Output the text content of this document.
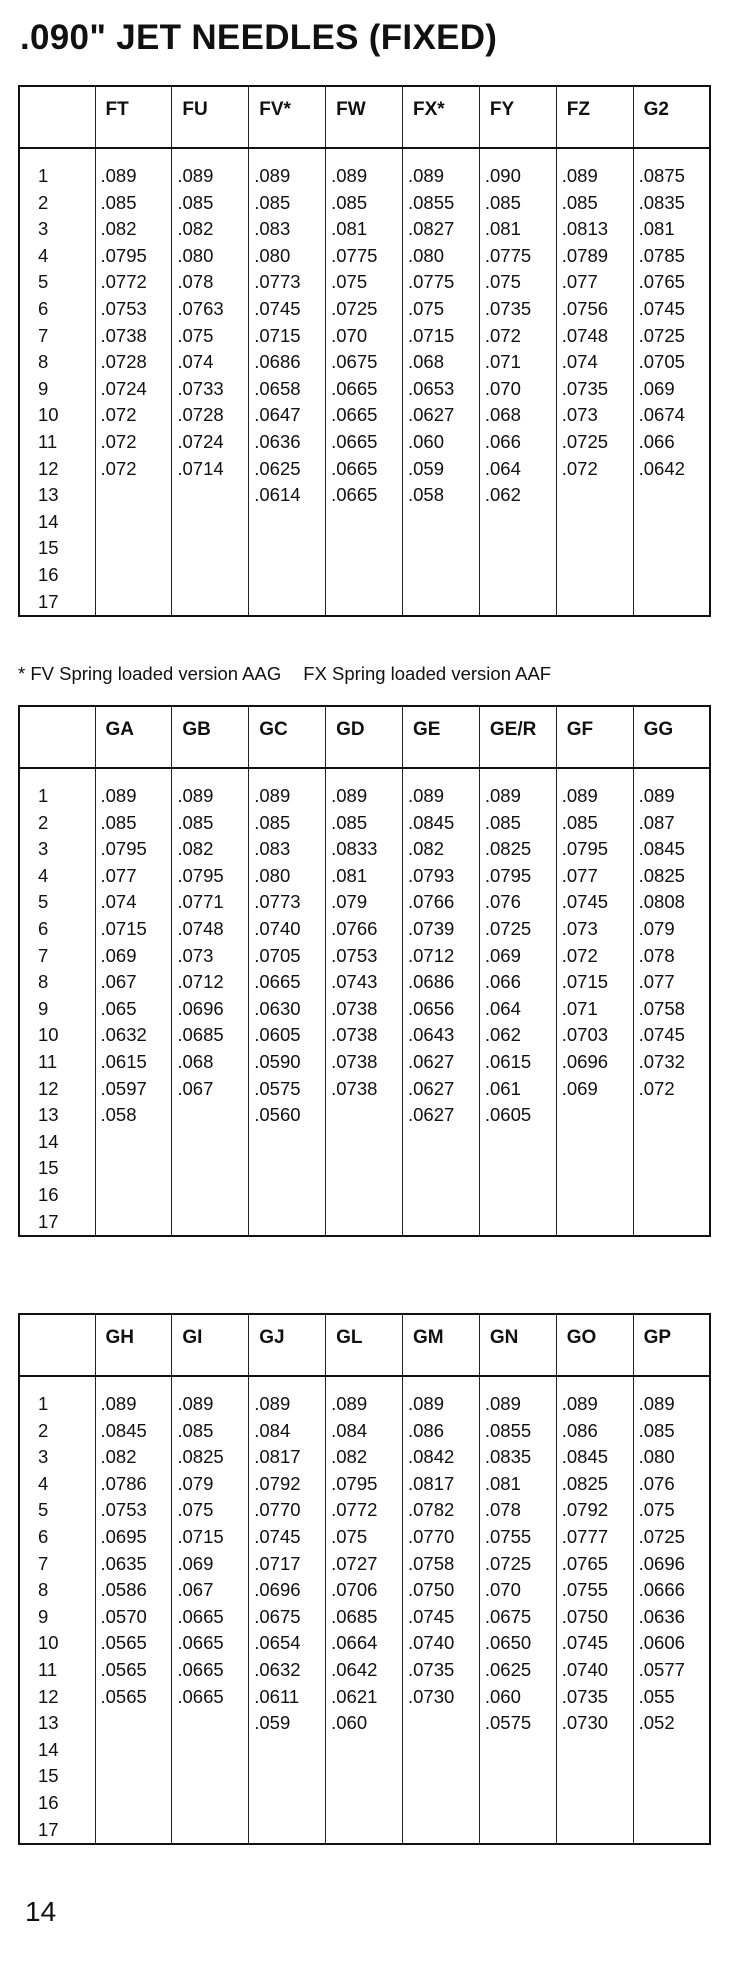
.090" JET NEEDLES (FIXED)
	FT	FU	FV*	FW	FX*	FY	FZ	G2

1	.089	.089	.089	.089	.089	.090	.089	.0875
2	.085	.085	.085	.085	.0855	.085	.085	.0835
3	.082	.082	.083	.081	.0827	.081	.0813	.081
4	.0795	.080	.080	.0775	.080	.0775	.0789	.0785
5	.0772	.078	.0773	.075	.0775	.075	.077	.0765
6	.0753	.0763	.0745	.0725	.075	.0735	.0756	.0745
7	.0738	.075	.0715	.070	.0715	.072	.0748	.0725
8	.0728	.074	.0686	.0675	.068	.071	.074	.0705
9	.0724	.0733	.0658	.0665	.0653	.070	.0735	.069
10	.072	.0728	.0647	.0665	.0627	.068	.073	.0674
11	.072	.0724	.0636	.0665	.060	.066	.0725	.066
12	.072	.0714	.0625	.0665	.059	.064	.072	.0642
13			.0614	.0665	.058	.062		
14								
15								
16								
17								

* FV Spring loaded version AAG FX Spring loaded version AAF

	GA	GB	GC	GD	GE	GE/R	GF	GG

1	.089	.089	.089	.089	.089	.089	.089	.089
2	.085	.085	.085	.085	.0845	.085	.085	.087
3	.0795	.082	.083	.0833	.082	.0825	.0795	.0845
4	.077	.0795	.080	.081	.0793	.0795	.077	.0825
5	.074	.0771	.0773	.079	.0766	.076	.0745	.0808
6	.0715	.0748	.0740	.0766	.0739	.0725	.073	.079
7	.069	.073	.0705	.0753	.0712	.069	.072	.078
8	.067	.0712	.0665	.0743	.0686	.066	.0715	.077
9	.065	.0696	.0630	.0738	.0656	.064	.071	.0758
10	.0632	.0685	.0605	.0738	.0643	.062	.0703	.0745
11	.0615	.068	.0590	.0738	.0627	.0615	.0696	.0732
12	.0597	.067	.0575	.0738	.0627	.061	.069	.072
13	.058		.0560		.0627	.0605		
14								
15								
16								
17								
	GH	GI	GJ	GL	GM	GN	GO	GP

1	.089	.089	.089	.089	.089	.089	.089	.089
2	.0845	.085	.084	.084	.086	.0855	.086	.085
3	.082	.0825	.0817	.082	.0842	.0835	.0845	.080
4	.0786	.079	.0792	.0795	.0817	.081	.0825	.076
5	.0753	.075	.0770	.0772	.0782	.078	.0792	.075
6	.0695	.0715	.0745	.075	.0770	.0755	.0777	.0725
7	.0635	.069	.0717	.0727	.0758	.0725	.0765	.0696
8	.0586	.067	.0696	.0706	.0750	.070	.0755	.0666
9	.0570	.0665	.0675	.0685	.0745	.0675	.0750	.0636
10	.0565	.0665	.0654	.0664	.0740	.0650	.0745	.0606
11	.0565	.0665	.0632	.0642	.0735	.0625	.0740	.0577
12	.0565	.0665	.0611	.0621	.0730	.060	.0735	.055
13			.059	.060		.0575	.0730	.052
14								
15								
16								
17								
14
